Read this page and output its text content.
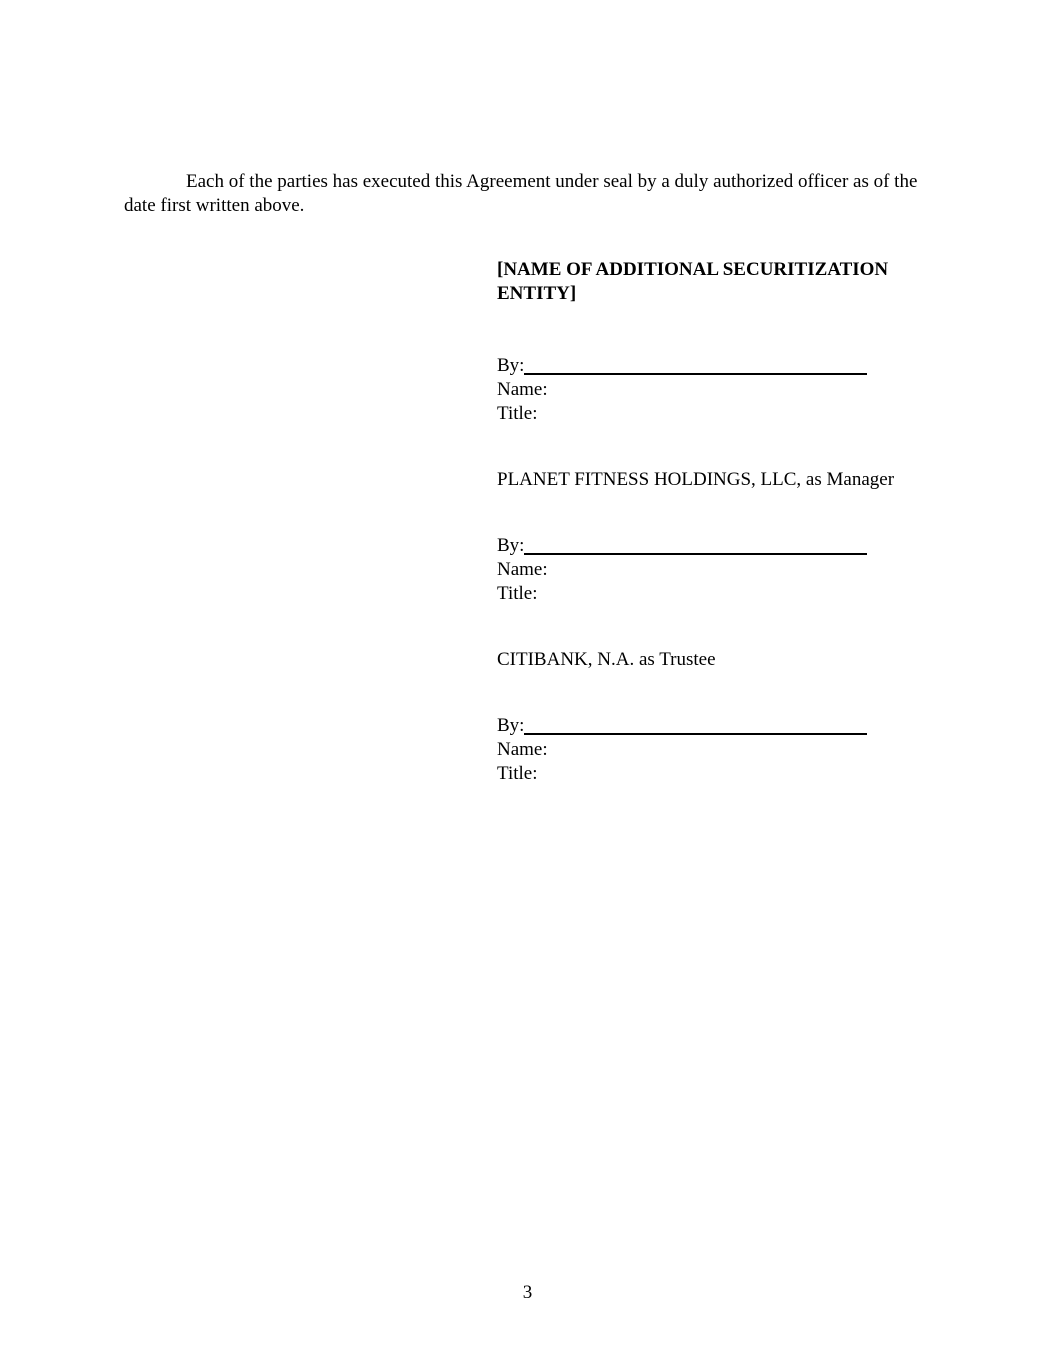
Each of the parties has executed this Agreement under seal by a duly authorized officer as of the date first written above.

[NAME OF ADDITIONAL SECURITIZATION ENTITY]

By:
Name:
Title:

PLANET FITNESS HOLDINGS, LLC, as Manager

By:
Name:
Title:

CITIBANK, N.A. as Trustee

By:
Name:
Title:

3
